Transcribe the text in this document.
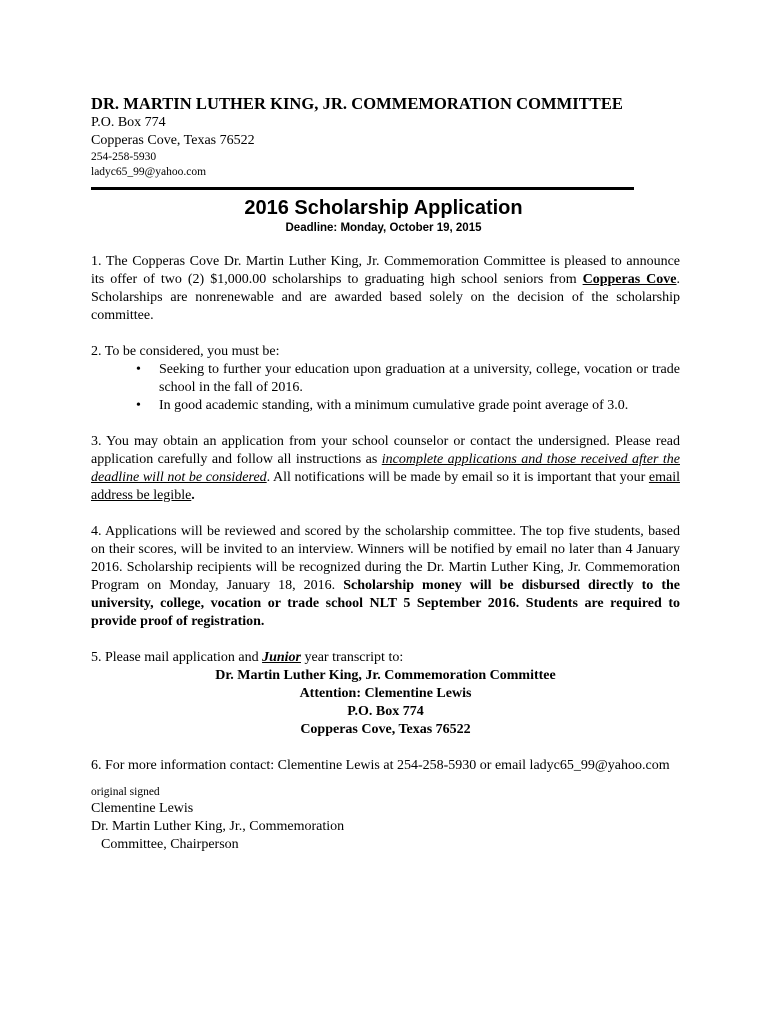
DR. MARTIN LUTHER KING, JR. COMMEMORATION COMMITTEE
P.O. Box 774
Copperas Cove, Texas 76522
254-258-5930
ladyc65_99@yahoo.com
2016 Scholarship Application
Deadline: Monday, October 19, 2015

1. The Copperas Cove Dr. Martin Luther King, Jr. Commemoration Committee is pleased to announce its offer of two (2) $1,000.00 scholarships to graduating high school seniors from Copperas Cove. Scholarships are nonrenewable and are awarded based solely on the decision of the scholarship committee.

2. To be considered, you must be:

• Seeking to further your education upon graduation at a university, college, vocation or trade school in the fall of 2016.
• In good academic standing, with a minimum cumulative grade point average of 3.0.

3. You may obtain an application from your school counselor or contact the undersigned. Please read application carefully and follow all instructions as incomplete applications and those received after the deadline will not be considered. All notifications will be made by email so it is important that your email address be legible.

4. Applications will be reviewed and scored by the scholarship committee. The top five students, based on their scores, will be invited to an interview. Winners will be notified by email no later than 4 January 2016. Scholarship recipients will be recognized during the Dr. Martin Luther King, Jr. Commemoration Program on Monday, January 18, 2016. Scholarship money will be disbursed directly to the university, college, vocation or trade school NLT 5 September 2016. Students are required to provide proof of registration.

5. Please mail application and Junior year transcript to:

Dr. Martin Luther King, Jr. Commemoration Committee
Attention: Clementine Lewis
P.O. Box 774
Copperas Cove, Texas 76522

6. For more information contact: Clementine Lewis at 254-258-5930 or email ladyc65_99@yahoo.com

original signed
Clementine Lewis
Dr. Martin Luther King, Jr., Commemoration
Committee, Chairperson
